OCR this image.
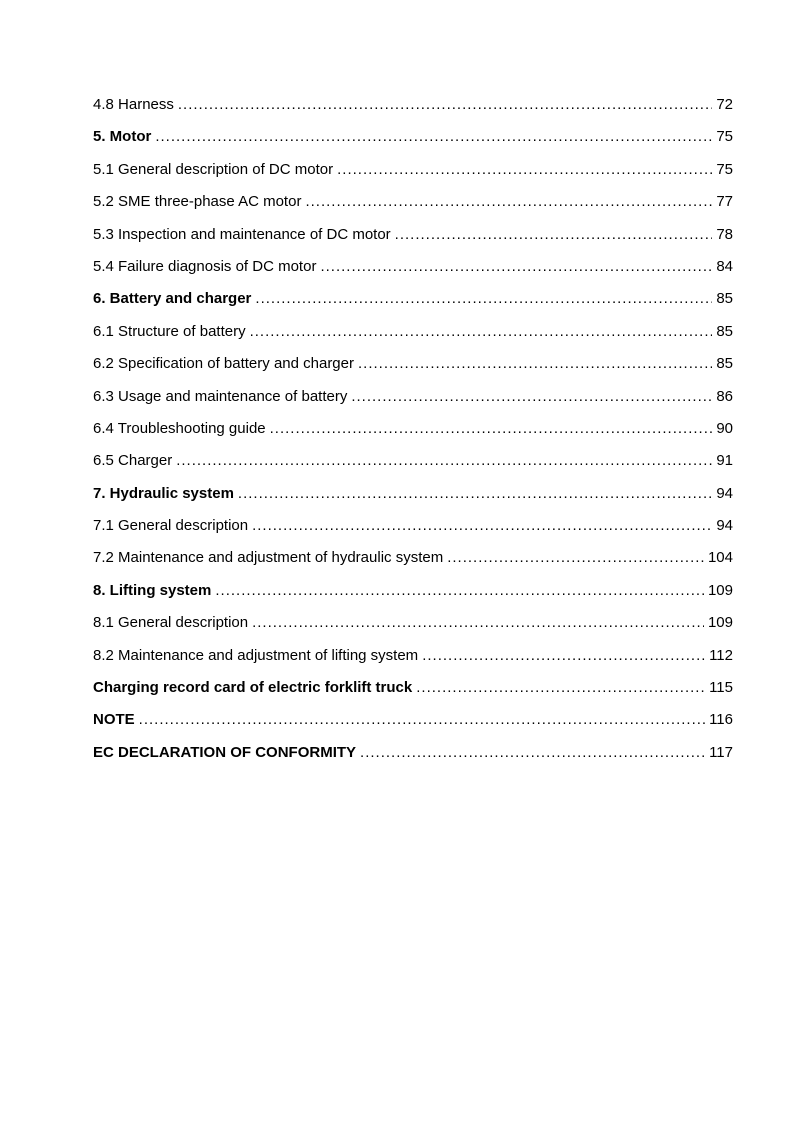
4.8 Harness .....	72
5. Motor .....	75
5.1 General description of DC motor .....	75
5.2 SME three-phase AC motor .....	77
5.3 Inspection and maintenance of DC motor .....	78
5.4 Failure diagnosis of DC motor .....	84
6. Battery and charger .....	85
6.1 Structure of battery .....	85
6.2 Specification of battery and charger .....	85
6.3 Usage and maintenance of battery .....	86
6.4 Troubleshooting guide .....	90
6.5 Charger .....	91
7. Hydraulic system .....	94
7.1 General description .....	94
7.2 Maintenance and adjustment of hydraulic system .....	104
8. Lifting system .....	109
8.1 General description .....	109
8.2 Maintenance and adjustment of lifting system .....	112
Charging record card of electric forklift truck .....	115
NOTE .....	116
EC DECLARATION OF CONFORMITY .....	117
